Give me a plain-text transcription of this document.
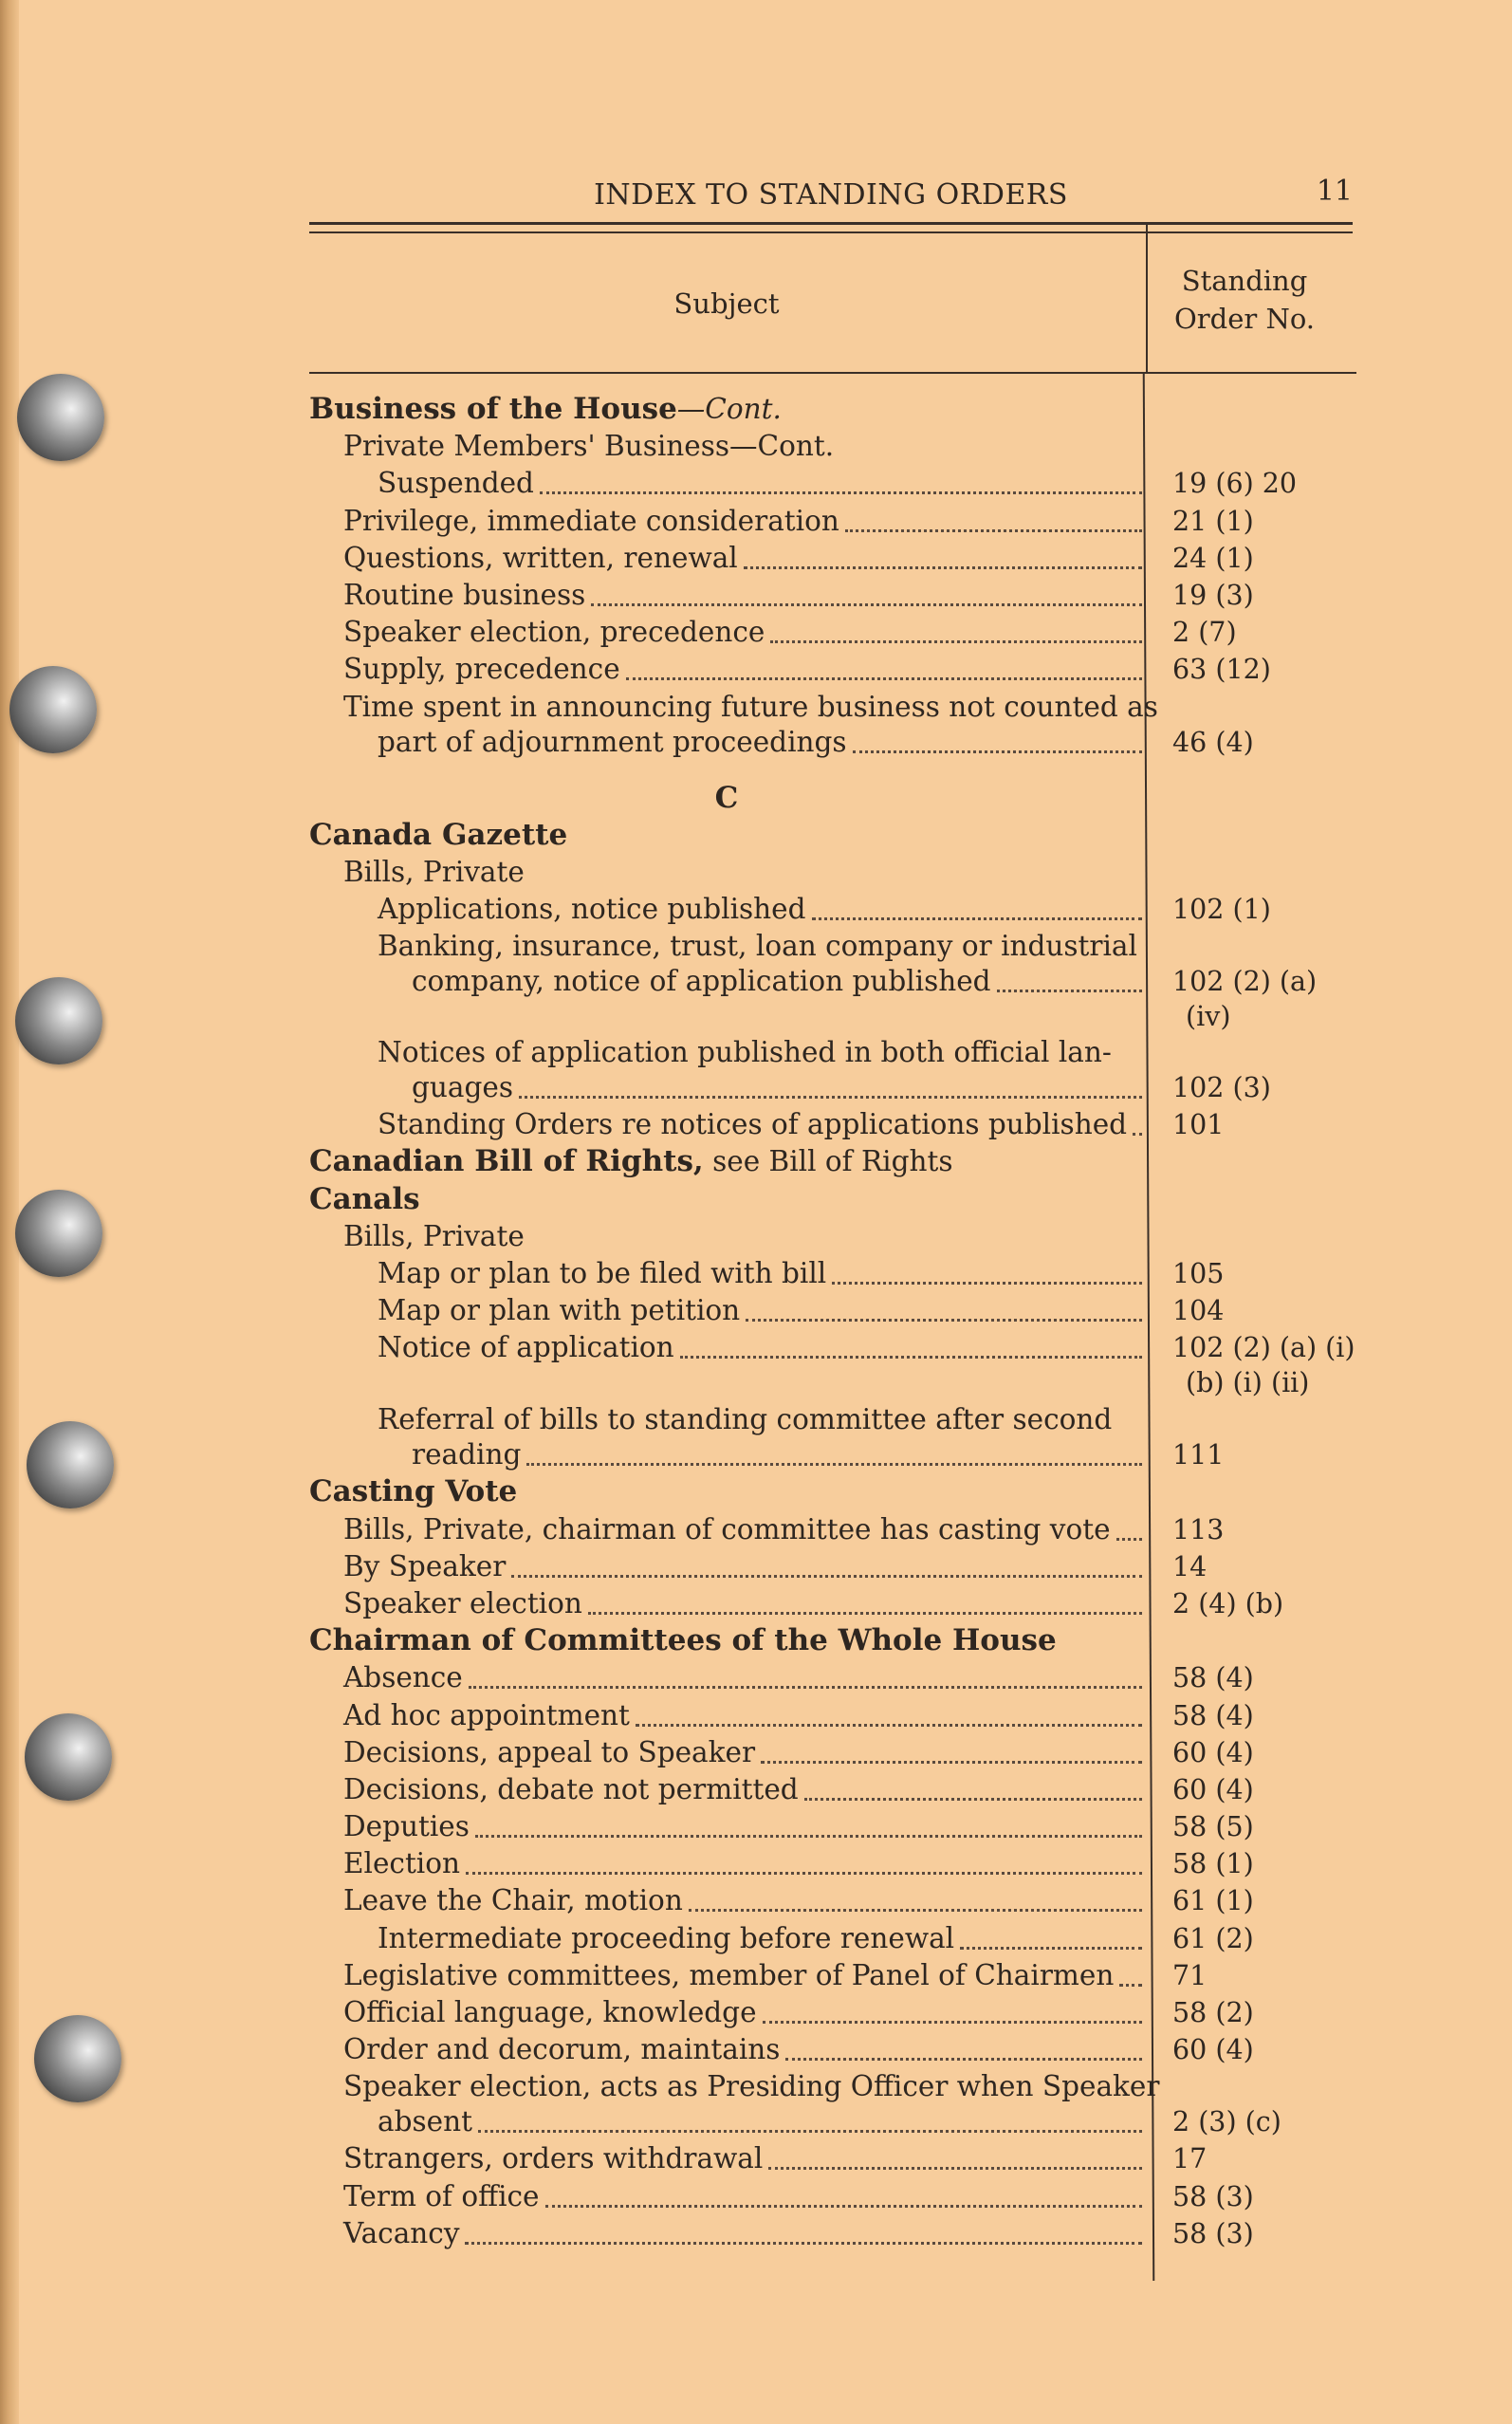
INDEX TO STANDING ORDERS	11
Subject
Standing
Order No.
Business of the House—Cont.
Private Members' Business—Cont.
Suspended	19 (6) 20
Privilege, immediate consideration	21 (1)
Questions, written, renewal	24 (1)
Routine business	19 (3)
Speaker election, precedence	2 (7)
Supply, precedence	63 (12)
Time spent in announcing future business not counted as
part of adjournment proceedings	46 (4)
C
Canada Gazette
Bills, Private
Applications, notice published	102 (1)
Banking, insurance, trust, loan company or industrial
company, notice of application published	102 (2) (a)
(iv)
Notices of application published in both official lan-
guages	102 (3)
Standing Orders re notices of applications published 101
Canadian Bill of Rights, see Bill of Rights
Canals
Bills, Private
Map or plan to be filed with bill	105
Map or plan with petition	104
Notice of application	102 (2) (a) (i)
(b) (i) (ii)
Referral of bills to standing committee after second
reading	111
Casting Vote
Bills, Private, chairman of committee has casting vote 113
By Speaker	14
Speaker election	2 (4) (b)
Chairman of Committees of the Whole House
Absence	58 (4)
Ad hoc appointment	58 (4)
Decisions, appeal to Speaker	60 (4)
Decisions, debate not permitted	60 (4)
Deputies	58 (5)
Election	58 (1)
Leave the Chair, motion	61 (1)
Intermediate proceeding before renewal	61 (2)
Legislative committees, member of Panel of Chairmen 71
Official language, knowledge	58 (2)
Order and decorum, maintains	60 (4)
Speaker election, acts as Presiding Officer when Speaker
absent	2 (3) (c)
Strangers, orders withdrawal	17
Term of office	58 (3)
Vacancy	58 (3)
